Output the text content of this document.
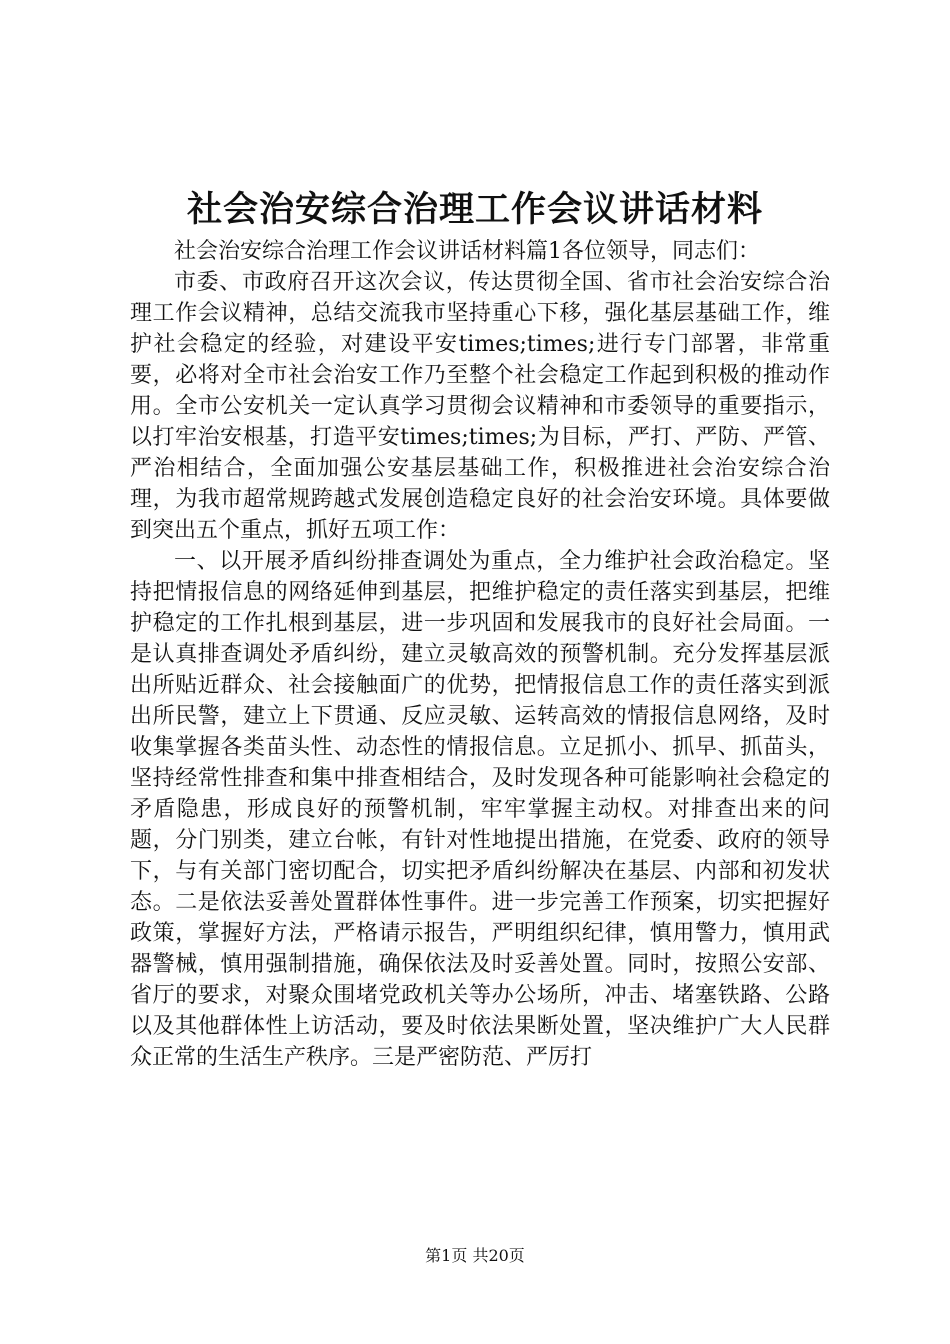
社会治安综合治理工作会议讲话材料

社会治安综合治理工作会议讲话材料篇1各位领导，同志们：

市委、市政府召开这次会议，传达贯彻全国、省市社会治安综合治理工作会议精神，总结交流我市坚持重心下移，强化基层基础工作，维护社会稳定的经验，对建设平安times;times;进行专门部署，非常重要，必将对全市社会治安工作乃至整个社会稳定工作起到积极的推动作用。全市公安机关一定认真学习贯彻会议精神和市委领导的重要指示，以打牢治安根基，打造平安times;times;为目标，严打、严防、严管、严治相结合，全面加强公安基层基础工作，积极推进社会治安综合治理，为我市超常规跨越式发展创造稳定良好的社会治安环境。具体要做到突出五个重点，抓好五项工作：

一、以开展矛盾纠纷排查调处为重点，全力维护社会政治稳定。坚持把情报信息的网络延伸到基层，把维护稳定的责任落实到基层，把维护稳定的工作扎根到基层，进一步巩固和发展我市的良好社会局面。一是认真排查调处矛盾纠纷，建立灵敏高效的预警机制。充分发挥基层派出所贴近群众、社会接触面广的优势，把情报信息工作的责任落实到派出所民警，建立上下贯通、反应灵敏、运转高效的情报信息网络，及时收集掌握各类苗头性、动态性的情报信息。立足抓小、抓早、抓苗头，坚持经常性排查和集中排查相结合，及时发现各种可能影响社会稳定的矛盾隐患，形成良好的预警机制，牢牢掌握主动权。对排查出来的问题，分门别类，建立台帐，有针对性地提出措施，在党委、政府的领导下，与有关部门密切配合，切实把矛盾纠纷解决在基层、内部和初发状态。二是依法妥善处置群体性事件。进一步完善工作预案，切实把握好政策，掌握好方法，严格请示报告，严明组织纪律，慎用警力，慎用武器警械，慎用强制措施，确保依法及时妥善处置。同时，按照公安部、省厅的要求，对聚众围堵党政机关等办公场所，冲击、堵塞铁路、公路以及其他群体性上访活动，要及时依法果断处置，坚决维护广大人民群众正常的生活生产秩序。三是严密防范、严厉打

第1页 共20页
